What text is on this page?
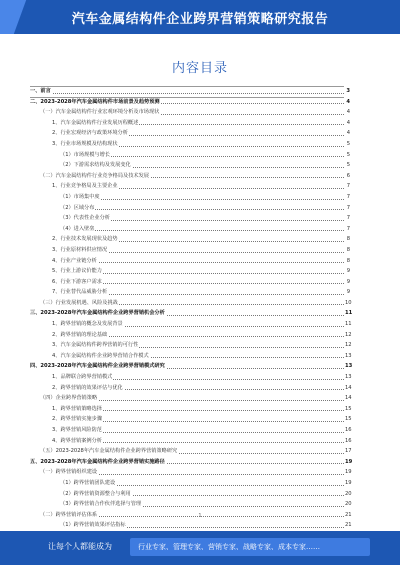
汽车金属结构件企业跨界营销策略研究报告
内容目录
一、前言	3
二、2023-2028年汽车金属结构件市场前景及趋势预测	4
（一）汽车金属结构件行业宏观环境分析及市场现状	4
1、汽车金属结构件行业发展历程概述	4
2、行业宏观经济与政策环境分析	4
3、行业市场规模及结构现状	5
（1）市场规模与增长	5
（2）下游需求结构及发展变化	5
（二）汽车金属结构件行业竞争格局及技术发展	6
1、行业竞争格局及主要企业	7
（1）市场集中度	7
（2）区域分布	7
（3）代表性企业分析	7
（4）进入壁垒	7
2、行业技术发展现状及趋势	8
3、行业原材料供应情况	8
4、行业产业链分析	8
5、行业上游议价能力	9
6、行业下游客户需求	9
7、行业替代品威胁分析	9
（三）行业发展机遇、风险及挑战	10
三、2023-2028年汽车金属结构件企业跨界营销机会分析	11
1、跨界营销的概念及发展背景	11
2、跨界营销的理论基础	12
3、汽车金属结构件跨界营销的可行性	12
4、汽车金属结构件企业跨界营销合作模式	13
四、2023-2028年汽车金属结构件企业跨界营销模式研究	13
1、品牌联合跨界营销模式	13
2、跨界营销的效果评估与优化	14
（四）企业跨界营销策略	14
1、跨界营销策略选择	15
2、跨界营销实施步骤	15
3、跨界营销风险防范	16
4、跨界营销案例分析	16
（五）2023-2028年汽车金属结构件企业跨界营销策略研究	17
五、2023-2028年汽车金属结构件企业跨界营销实施路径	19
（一）跨界营销组织建设	19
（1）跨界营销团队建设	19
（2）跨界营销资源整合与利用	20
（3）跨界营销合作伙伴选择与管理	20
（二）跨界营销评估体系	21
（1）跨界营销效果评估指标	21
1
让每个人都能成为	行业专家、管理专家、营销专家、战略专家、成本专家……
